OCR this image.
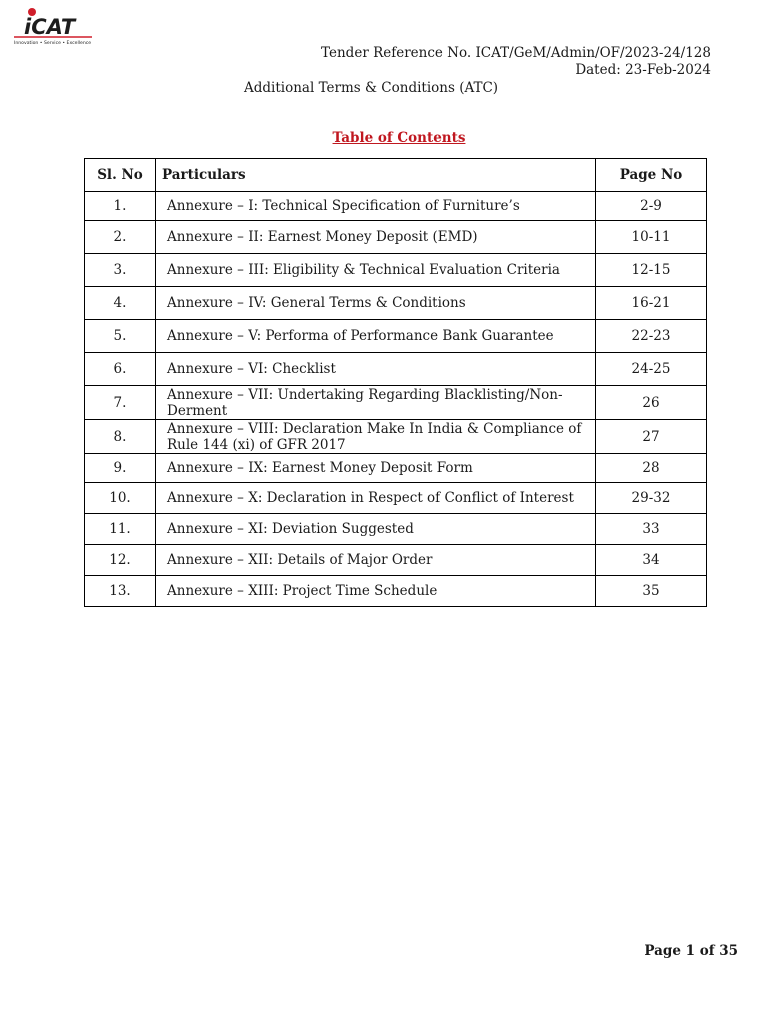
iCAT
Innovation • Service • Excellence
Tender Reference No. ICAT/GeM/Admin/OF/2023-24/128
Dated: 23-Feb-2024
Additional Terms & Conditions (ATC)
Table of Contents
Sl. No	Particulars	Page No
1.	Annexure – I: Technical Specification of Furniture’s	2-9
2.	Annexure – II: Earnest Money Deposit (EMD)	10-11
3.	Annexure – III: Eligibility & Technical Evaluation Criteria	12-15
4.	Annexure – IV: General Terms & Conditions	16-21
5.	Annexure – V: Performa of Performance Bank Guarantee	22-23
6.	Annexure – VI: Checklist	24-25
7.	Annexure – VII: Undertaking Regarding Blacklisting/Non-Derment	26
8.	Annexure – VIII: Declaration Make In India & Compliance of Rule 144 (xi) of GFR 2017	27
9.	Annexure – IX: Earnest Money Deposit Form	28
10.	Annexure – X: Declaration in Respect of Conflict of Interest	29-32
11.	Annexure – XI: Deviation Suggested	33
12.	Annexure – XII: Details of Major Order	34
13.	Annexure – XIII: Project Time Schedule	35
Page 1 of 35
